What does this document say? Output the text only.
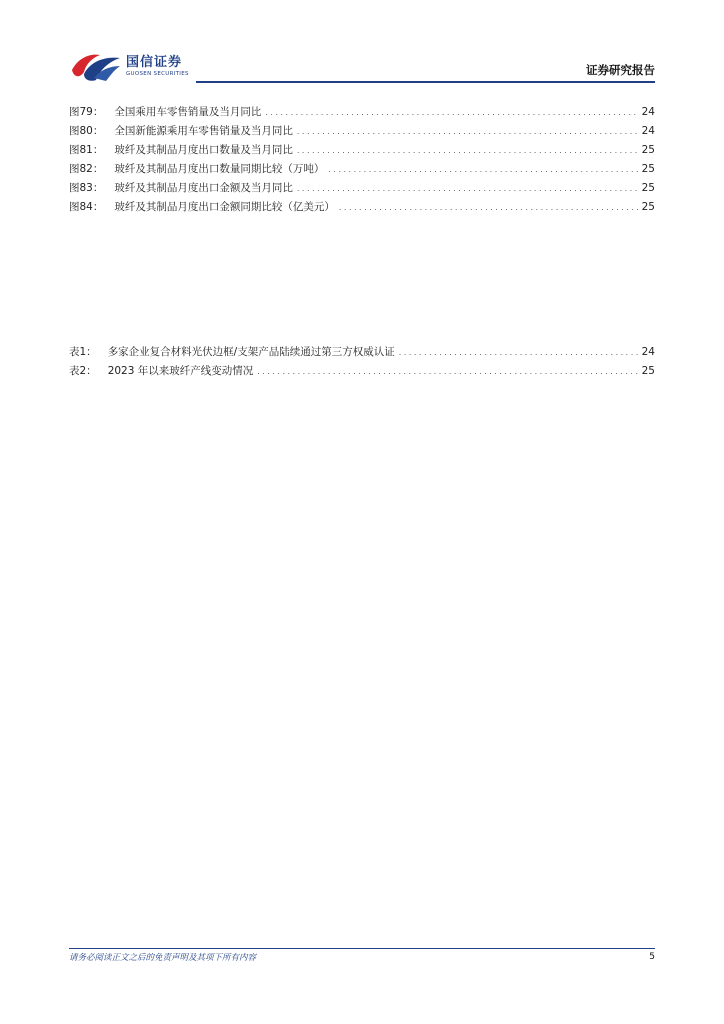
国信证券
GUOSEN SECURITIES	证券研究报告
图79： 全国乘用车零售销量及当月同比 .....	24
图80： 全国新能源乘用车零售销量及当月同比 .....	24
图81： 玻纤及其制品月度出口数量及当月同比 .....	25
图82： 玻纤及其制品月度出口数量同期比较（万吨） .....	25
图83： 玻纤及其制品月度出口金额及当月同比 .....	25
图84： 玻纤及其制品月度出口金额同期比较（亿美元） .....	25
表1： 多家企业复合材料光伏边框/支架产品陆续通过第三方权威认证 .....	24
表2： 2023 年以来玻纤产线变动情况 .....	25
请务必阅读正文之后的免责声明及其项下所有内容	5
